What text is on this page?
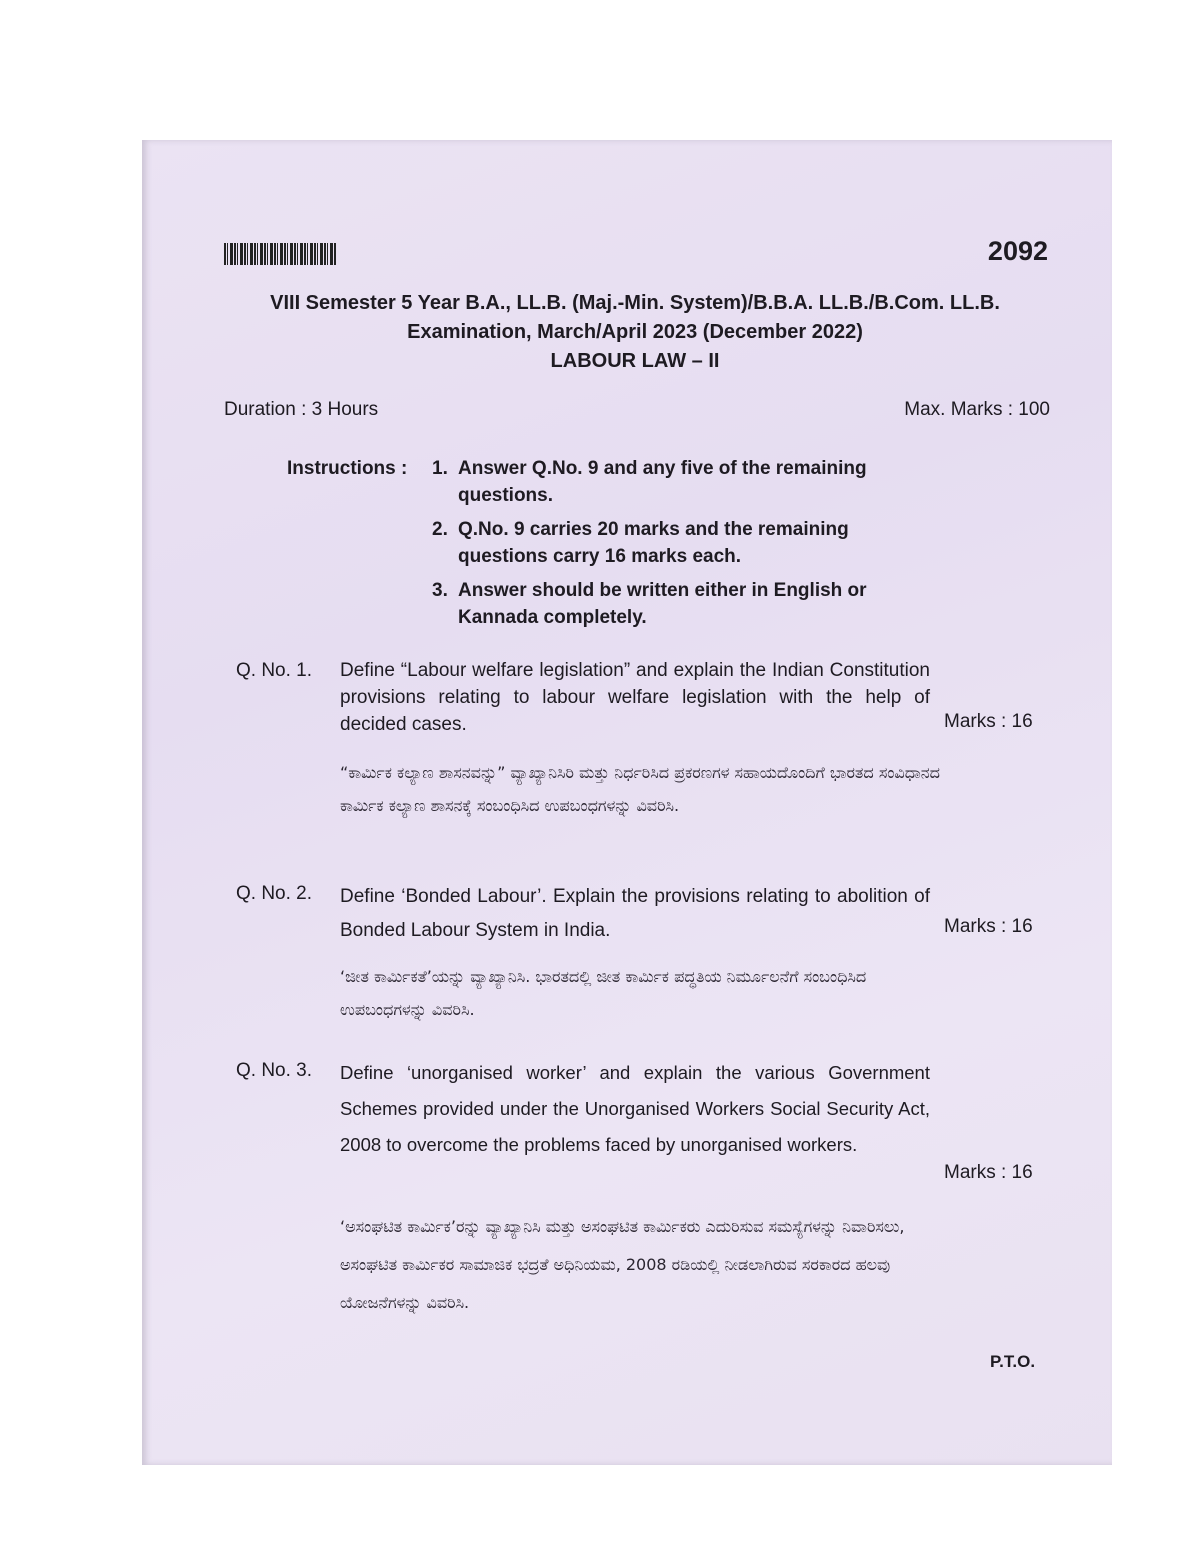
2092
VIII Semester 5 Year B.A., LL.B. (Maj.-Min. System)/B.B.A. LL.B./B.Com. LL.B.
Examination, March/April 2023 (December 2022)
LABOUR LAW – II
Duration : 3 Hours	Max. Marks : 100
Instructions : 1. Answer Q.No. 9 and any five of the remaining questions.
2. Q.No. 9 carries 20 marks and the remaining questions carry 16 marks each.
3. Answer should be written either in English or Kannada completely.
Q. No. 1. Define “Labour welfare legislation” and explain the Indian Constitution provisions relating to labour welfare legislation with the help of decided cases.	Marks : 16
“ಕಾರ್ಮಿಕ ಕಲ್ಯಾಣ ಶಾಸನವನ್ನು” ವ್ಯಾಖ್ಯಾನಿಸಿರಿ ಮತ್ತು ನಿರ್ಧರಿಸಿದ ಪ್ರಕರಣಗಳ ಸಹಾಯದೊಂದಿಗೆ ಭಾರತದ ಸಂವಿಧಾನದ ಕಾರ್ಮಿಕ ಕಲ್ಯಾಣ ಶಾಸನಕ್ಕೆ ಸಂಬಂಧಿಸಿದ ಉಪಬಂಧಗಳನ್ನು ವಿವರಿಸಿ.
Q. No. 2. Define ‘Bonded Labour’. Explain the provisions relating to abolition of Bonded Labour System in India.	Marks : 16
‘ಜೀತ ಕಾರ್ಮಿಕತೆ’ಯನ್ನು ವ್ಯಾಖ್ಯಾನಿಸಿ. ಭಾರತದಲ್ಲಿ ಜೀತ ಕಾರ್ಮಿಕ ಪದ್ಧತಿಯ ನಿರ್ಮೂಲನೆಗೆ ಸಂಬಂಧಿಸಿದ ಉಪಬಂಧಗಳನ್ನು ವಿವರಿಸಿ.
Q. No. 3. Define ‘unorganised worker’ and explain the various Government Schemes provided under the Unorganised Workers Social Security Act, 2008 to overcome the problems faced by unorganised workers.
Marks : 16
‘ಅಸಂಘಟಿತ ಕಾರ್ಮಿಕ’ರನ್ನು ವ್ಯಾಖ್ಯಾನಿಸಿ ಮತ್ತು ಅಸಂಘಟಿತ ಕಾರ್ಮಿಕರು ಎದುರಿಸುವ ಸಮಸ್ಯೆಗಳನ್ನು ನಿವಾರಿಸಲು, ಅಸಂಘಟಿತ ಕಾರ್ಮಿಕರ ಸಾಮಾಜಿಕ ಭದ್ರತೆ ಅಧಿನಿಯಮ, 2008 ರಡಿಯಲ್ಲಿ ನೀಡಲಾಗಿರುವ ಸರಕಾರದ ಹಲವು ಯೋಜನೆಗಳನ್ನು ವಿವರಿಸಿ.
P.T.O.
